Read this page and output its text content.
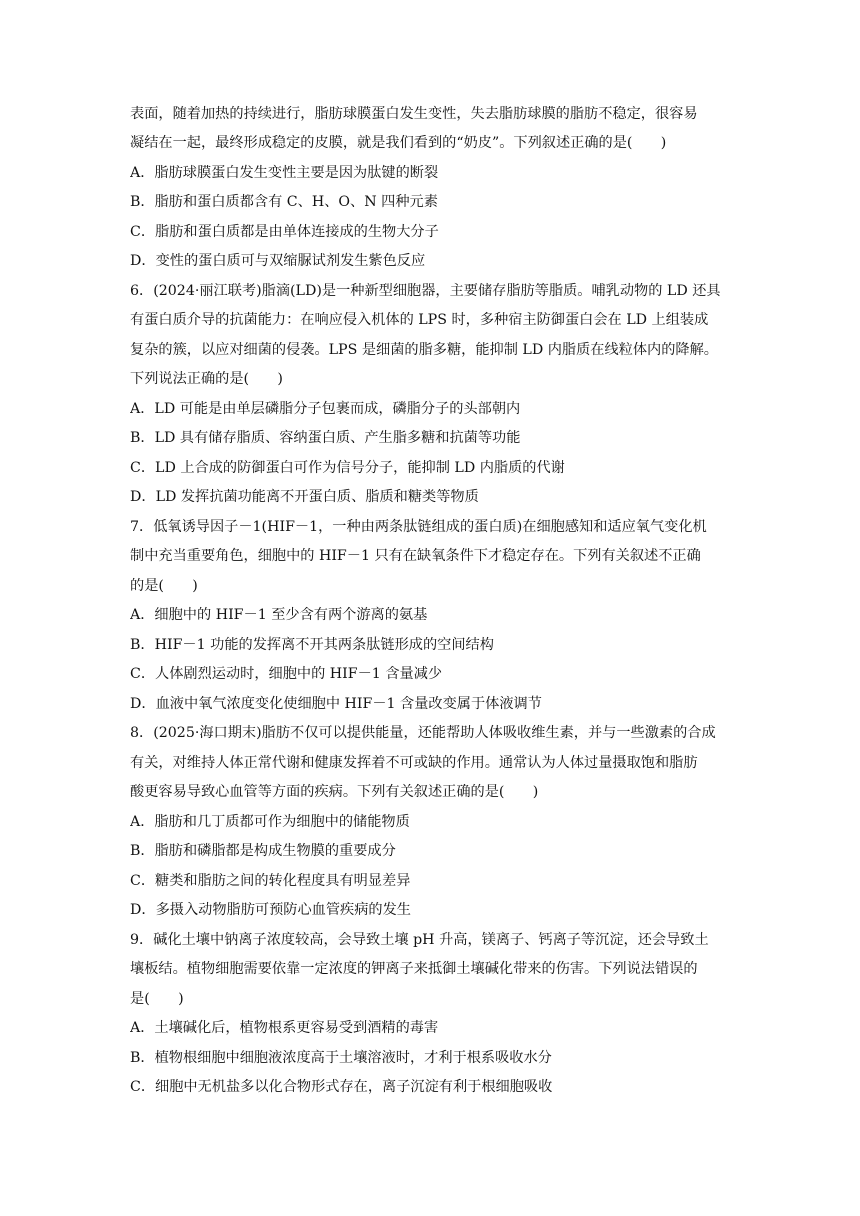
表面，随着加热的持续进行，脂肪球膜蛋白发生变性，失去脂肪球膜的脂肪不稳定，很容易
凝结在一起，最终形成稳定的皮膜，就是我们看到的“奶皮”。下列叙述正确的是(　　)
A．脂肪球膜蛋白发生变性主要是因为肽键的断裂
B．脂肪和蛋白质都含有 C、H、O、N 四种元素
C．脂肪和蛋白质都是由单体连接成的生物大分子
D．变性的蛋白质可与双缩脲试剂发生紫色反应
6．(2024·丽江联考)脂滴(LD)是一种新型细胞器，主要储存脂肪等脂质。哺乳动物的 LD 还具
有蛋白质介导的抗菌能力：在响应侵入机体的 LPS 时，多种宿主防御蛋白会在 LD 上组装成
复杂的簇，以应对细菌的侵袭。LPS 是细菌的脂多糖，能抑制 LD 内脂质在线粒体内的降解。
下列说法正确的是(　　)
A．LD 可能是由单层磷脂分子包裹而成，磷脂分子的头部朝内
B．LD 具有储存脂质、容纳蛋白质、产生脂多糖和抗菌等功能
C．LD 上合成的防御蛋白可作为信号分子，能抑制 LD 内脂质的代谢
D．LD 发挥抗菌功能离不开蛋白质、脂质和糖类等物质
7．低氧诱导因子－1(HIF－1，一种由两条肽链组成的蛋白质)在细胞感知和适应氧气变化机
制中充当重要角色，细胞中的 HIF－1 只有在缺氧条件下才稳定存在。下列有关叙述不正确
的是(　　)
A．细胞中的 HIF－1 至少含有两个游离的氨基
B．HIF－1 功能的发挥离不开其两条肽链形成的空间结构
C．人体剧烈运动时，细胞中的 HIF－1 含量减少
D．血液中氧气浓度变化使细胞中 HIF－1 含量改变属于体液调节
8．(2025·海口期末)脂肪不仅可以提供能量，还能帮助人体吸收维生素，并与一些激素的合成
有关，对维持人体正常代谢和健康发挥着不可或缺的作用。通常认为人体过量摄取饱和脂肪
酸更容易导致心血管等方面的疾病。下列有关叙述正确的是(　　)
A．脂肪和几丁质都可作为细胞中的储能物质
B．脂肪和磷脂都是构成生物膜的重要成分
C．糖类和脂肪之间的转化程度具有明显差异
D．多摄入动物脂肪可预防心血管疾病的发生
9．碱化土壤中钠离子浓度较高，会导致土壤 pH 升高，镁离子、钙离子等沉淀，还会导致土
壤板结。植物细胞需要依靠一定浓度的钾离子来抵御土壤碱化带来的伤害。下列说法错误的
是(　　)
A．土壤碱化后，植物根系更容易受到酒精的毒害
B．植物根细胞中细胞液浓度高于土壤溶液时，才利于根系吸收水分
C．细胞中无机盐多以化合物形式存在，离子沉淀有利于根细胞吸收
